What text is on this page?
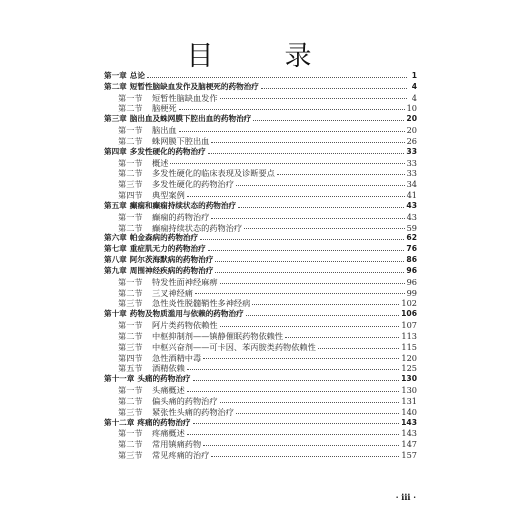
目　录
第一章 总论	1
第二章 短暂性脑缺血发作及脑梗死的药物治疗	4
第一节	短暂性脑缺血发作	4
第二节	脑梗死	10
第三章 脑出血及蛛网膜下腔出血的药物治疗	20
第一节	脑出血	20
第二节	蛛网膜下腔出血	26
第四章 多发性硬化的药物治疗	33
第一节	概述	33
第二节	多发性硬化的临床表现及诊断要点	33
第三节	多发性硬化的药物治疗	34
第四节	典型案例	41
第五章 癫痫和癫痫持续状态的药物治疗	43
第一节	癫痫的药物治疗	43
第二节	癫痫持续状态的药物治疗	59
第六章 帕金森病的药物治疗	62
第七章 重症肌无力的药物治疗	76
第八章 阿尔茨海默病的药物治疗	86
第九章 周围神经疾病的药物治疗	96
第一节	特发性面神经麻痹	96
第二节	三叉神经痛	99
第三节	急性炎性脱髓鞘性多神经病	102
第十章 药物及物质滥用与依赖的药物治疗	106
第一节	阿片类药物依赖性	107
第二节	中枢抑制剂——镇静催眠药物依赖性	113
第三节	中枢兴奋剂——可卡因、苯丙胺类药物依赖性	115
第四节	急性酒精中毒	120
第五节	酒精依赖	125
第十一章 头痛的药物治疗	130
第一节	头痛概述	130
第二节	偏头痛的药物治疗	131
第三节	紧张性头痛的药物治疗	140
第十二章 疼痛的药物治疗	143
第一节	疼痛概述	143
第二节	常用镇痛药物	147
第三节	常见疼痛的治疗	157
· iii ·
